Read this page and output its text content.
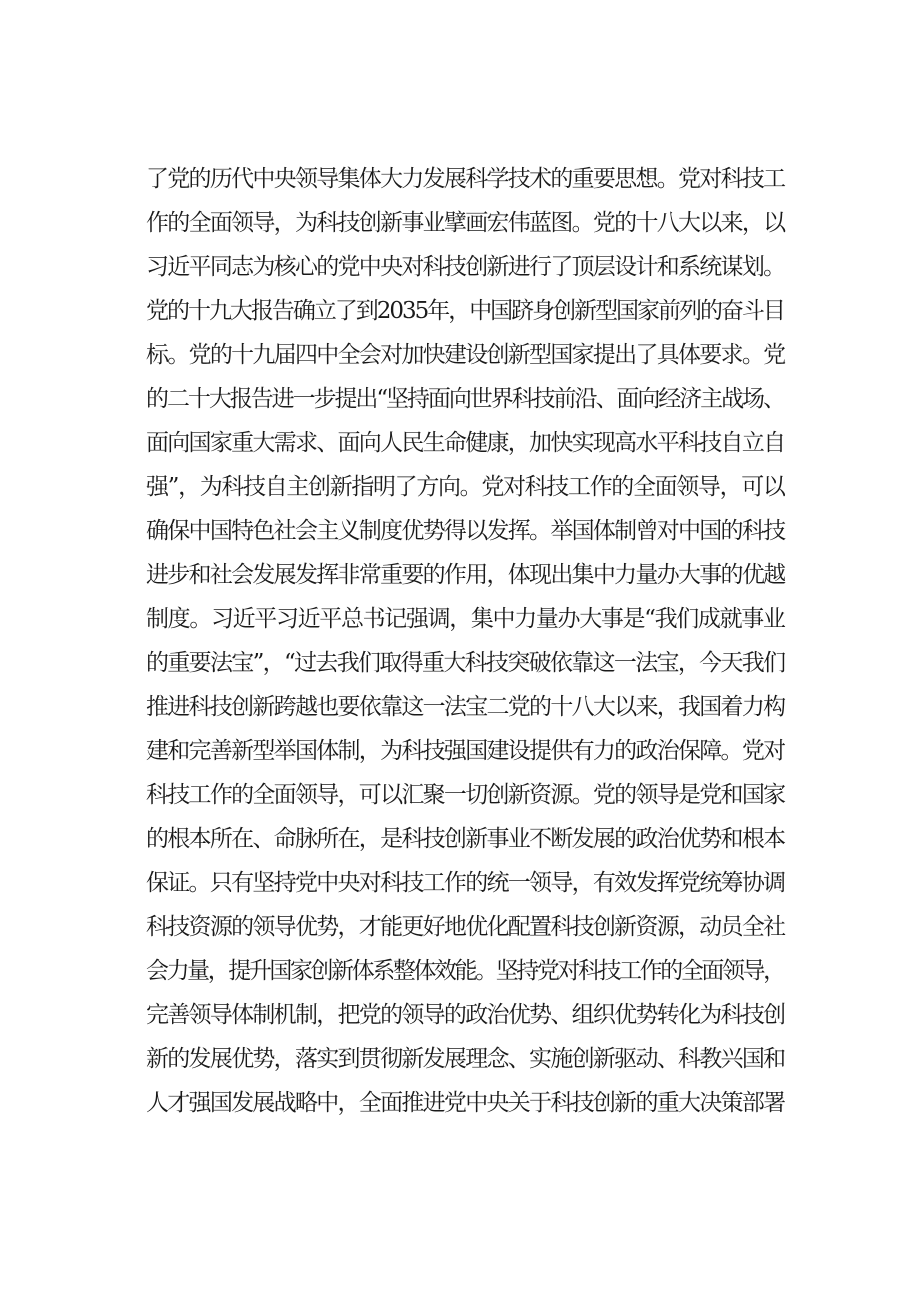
了党的历代中央领导集体大力发展科学技术的重要思想。党对科技工
作的全面领导，为科技创新事业擘画宏伟蓝图。党的十八大以来，以
习近平同志为核心的党中央对科技创新进行了顶层设计和系统谋划。
党的十九大报告确立了到2035年，中国跻身创新型国家前列的奋斗目
标。党的十九届四中全会对加快建设创新型国家提出了具体要求。党
的二十大报告进一步提出“坚持面向世界科技前沿、面向经济主战场、
面向国家重大需求、面向人民生命健康，加快实现高水平科技自立自
强”，为科技自主创新指明了方向。党对科技工作的全面领导，可以
确保中国特色社会主义制度优势得以发挥。举国体制曾对中国的科技
进步和社会发展发挥非常重要的作用，体现出集中力量办大事的优越
制度。习近平习近平总书记强调，集中力量办大事是“我们成就事业
的重要法宝”，“过去我们取得重大科技突破依靠这一法宝，今天我们
推进科技创新跨越也要依靠这一法宝二党的十八大以来，我国着力构
建和完善新型举国体制，为科技强国建设提供有力的政治保障。党对
科技工作的全面领导，可以汇聚一切创新资源。党的领导是党和国家
的根本所在、命脉所在，是科技创新事业不断发展的政治优势和根本
保证。只有坚持党中央对科技工作的统一领导，有效发挥党统筹协调
科技资源的领导优势，才能更好地优化配置科技创新资源，动员全社
会力量，提升国家创新体系整体效能。坚持党对科技工作的全面领导，
完善领导体制机制，把党的领导的政治优势、组织优势转化为科技创
新的发展优势，落实到贯彻新发展理念、实施创新驱动、科教兴国和
人才强国发展战略中，全面推进党中央关于科技创新的重大决策部署
